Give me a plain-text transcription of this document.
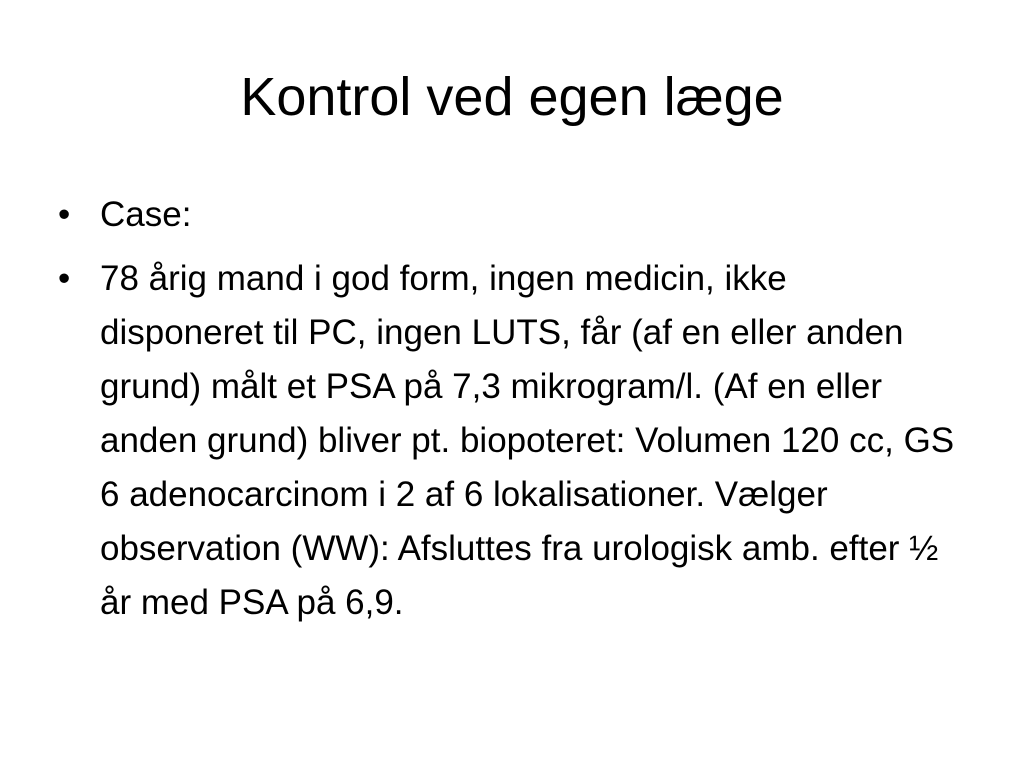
Kontrol ved egen læge
• Case:
• 78 årig mand i god form, ingen medicin, ikke disponeret til PC, ingen LUTS, får (af en eller anden grund) målt et PSA på 7,3 mikrogram/l. (Af en eller anden grund) bliver pt. biopoteret: Volumen 120 cc, GS 6 adenocarcinom i 2 af 6 lokalisationer. Vælger observation (WW): Afsluttes fra urologisk amb. efter ½ år med PSA på 6,9.
